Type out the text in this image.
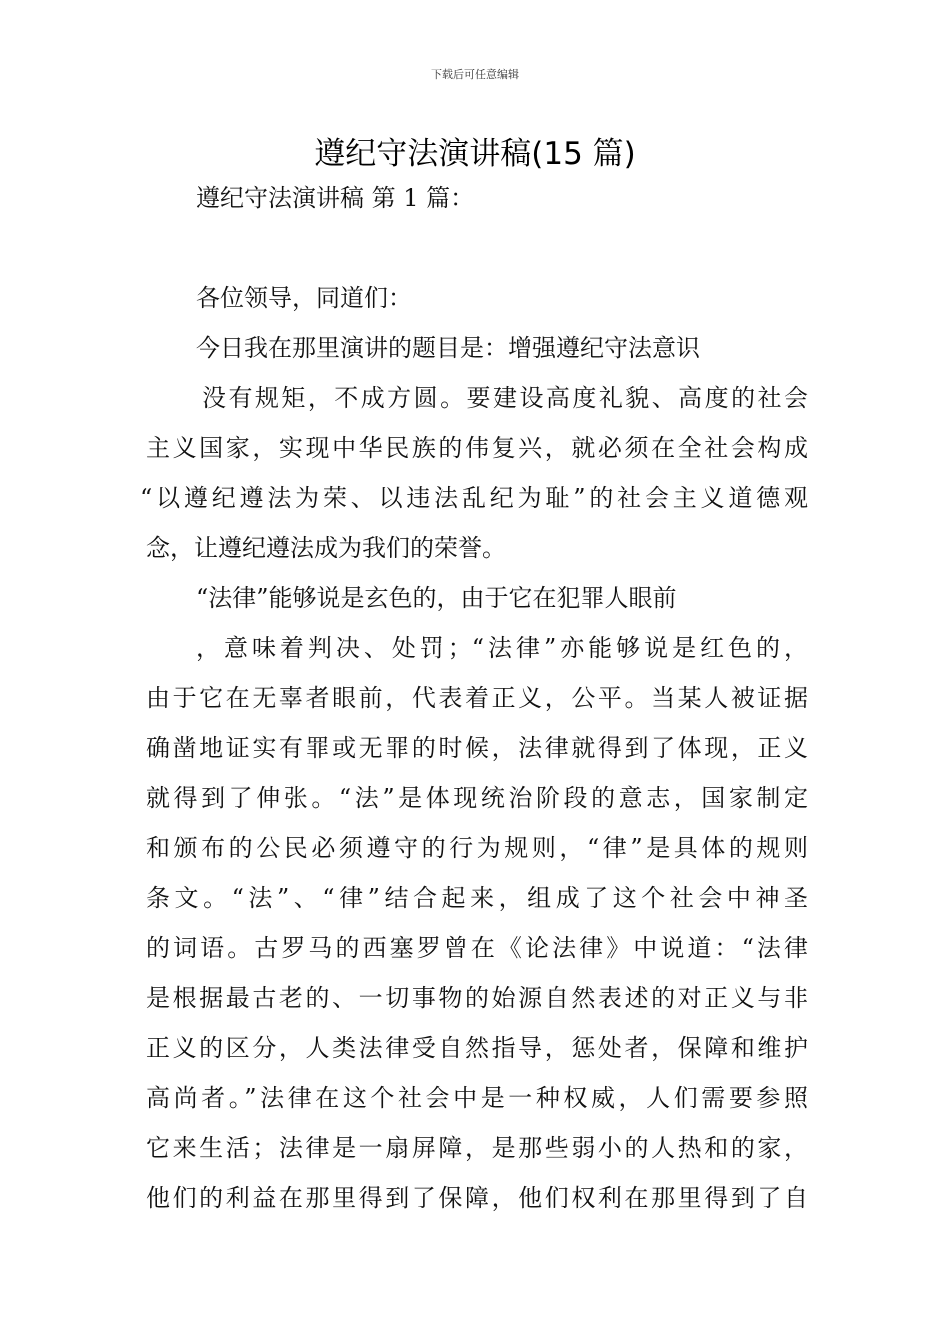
下载后可任意编辑
遵纪守法演讲稿(15 篇)
遵纪守法演讲稿 第 1 篇：
各位领导，同道们：
今日我在那里演讲的题目是：增强遵纪守法意识
没有规矩，不成方圆。要建设高度礼貌、高度的社会
主义国家，实现中华民族的伟复兴，就必须在全社会构成
“以遵纪遵法为荣、以违法乱纪为耻”的社会主义道德观
念，让遵纪遵法成为我们的荣誉。
“法律”能够说是玄色的，由于它在犯罪人眼前
，意味着判决、处罚；“法律”亦能够说是红色的，
由于它在无辜者眼前，代表着正义，公平。当某人被证据
确凿地证实有罪或无罪的时候，法律就得到了体现，正义
就得到了伸张。“法”是体现统治阶段的意志，国家制定
和颁布的公民必须遵守的行为规则，“律”是具体的规则
条文。“法”、“律”结合起来，组成了这个社会中神圣
的词语。古罗马的西塞罗曾在《论法律》中说道：“法律
是根据最古老的、一切事物的始源自然表述的对正义与非
正义的区分，人类法律受自然指导，惩处者，保障和维护
高尚者。”法律在这个社会中是一种权威，人们需要参照
它来生活；法律是一扇屏障，是那些弱小的人热和的家，
他们的利益在那里得到了保障，他们权利在那里得到了自
